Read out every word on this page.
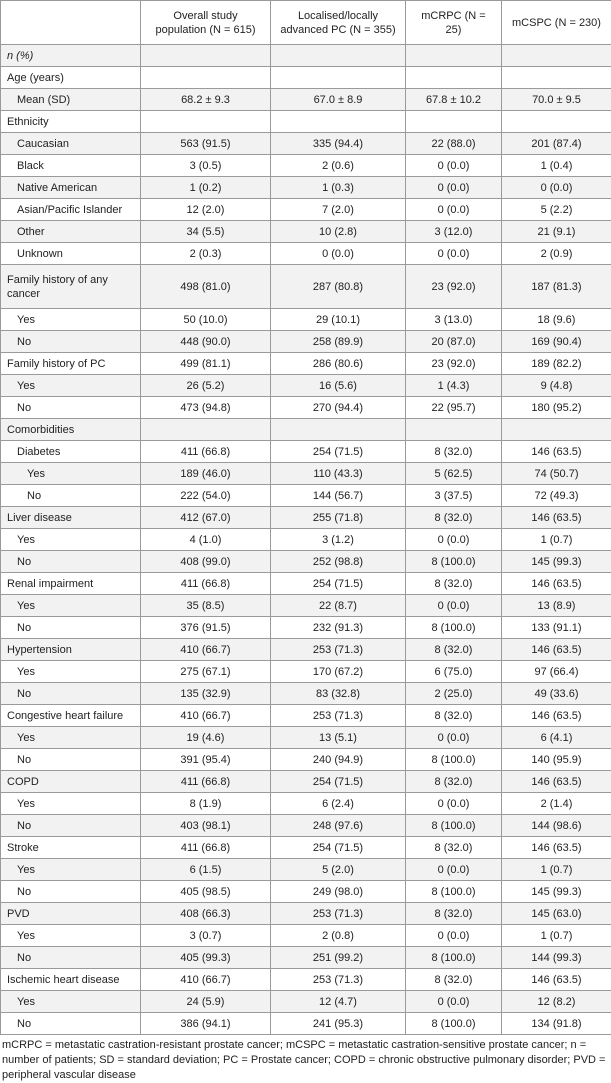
	Overall study population (N = 615)	Localised/locally advanced PC (N = 355)	mCRPC (N = 25)	mCSPC (N = 230)
n (%)				
Age (years)				
Mean (SD)	68.2 ± 9.3	67.0 ± 8.9	67.8 ± 10.2	70.0 ± 9.5
Ethnicity				
Caucasian	563 (91.5)	335 (94.4)	22 (88.0)	201 (87.4)
Black	3 (0.5)	2 (0.6)	0 (0.0)	1 (0.4)
Native American	1 (0.2)	1 (0.3)	0 (0.0)	0 (0.0)
Asian/Pacific Islander	12 (2.0)	7 (2.0)	0 (0.0)	5 (2.2)
Other	34 (5.5)	10 (2.8)	3 (12.0)	21 (9.1)
Unknown	2 (0.3)	0 (0.0)	0 (0.0)	2 (0.9)
Family history of any cancer	498 (81.0)	287 (80.8)	23 (92.0)	187 (81.3)
Yes	50 (10.0)	29 (10.1)	3 (13.0)	18 (9.6)
No	448 (90.0)	258 (89.9)	20 (87.0)	169 (90.4)
Family history of PC	499 (81.1)	286 (80.6)	23 (92.0)	189 (82.2)
Yes	26 (5.2)	16 (5.6)	1 (4.3)	9 (4.8)
No	473 (94.8)	270 (94.4)	22 (95.7)	180 (95.2)
Comorbidities				
Diabetes	411 (66.8)	254 (71.5)	8 (32.0)	146 (63.5)
Yes	189 (46.0)	110 (43.3)	5 (62.5)	74 (50.7)
No	222 (54.0)	144 (56.7)	3 (37.5)	72 (49.3)
Liver disease	412 (67.0)	255 (71.8)	8 (32.0)	146 (63.5)
Yes	4 (1.0)	3 (1.2)	0 (0.0)	1 (0.7)
No	408 (99.0)	252 (98.8)	8 (100.0)	145 (99.3)
Renal impairment	411 (66.8)	254 (71.5)	8 (32.0)	146 (63.5)
Yes	35 (8.5)	22 (8.7)	0 (0.0)	13 (8.9)
No	376 (91.5)	232 (91.3)	8 (100.0)	133 (91.1)
Hypertension	410 (66.7)	253 (71.3)	8 (32.0)	146 (63.5)
Yes	275 (67.1)	170 (67.2)	6 (75.0)	97 (66.4)
No	135 (32.9)	83 (32.8)	2 (25.0)	49 (33.6)
Congestive heart failure	410 (66.7)	253 (71.3)	8 (32.0)	146 (63.5)
Yes	19 (4.6)	13 (5.1)	0 (0.0)	6 (4.1)
No	391 (95.4)	240 (94.9)	8 (100.0)	140 (95.9)
COPD	411 (66.8)	254 (71.5)	8 (32.0)	146 (63.5)
Yes	8 (1.9)	6 (2.4)	0 (0.0)	2 (1.4)
No	403 (98.1)	248 (97.6)	8 (100.0)	144 (98.6)
Stroke	411 (66.8)	254 (71.5)	8 (32.0)	146 (63.5)
Yes	6 (1.5)	5 (2.0)	0 (0.0)	1 (0.7)
No	405 (98.5)	249 (98.0)	8 (100.0)	145 (99.3)
PVD	408 (66.3)	253 (71.3)	8 (32.0)	145 (63.0)
Yes	3 (0.7)	2 (0.8)	0 (0.0)	1 (0.7)
No	405 (99.3)	251 (99.2)	8 (100.0)	144 (99.3)
Ischemic heart disease	410 (66.7)	253 (71.3)	8 (32.0)	146 (63.5)
Yes	24 (5.9)	12 (4.7)	0 (0.0)	12 (8.2)
No	386 (94.1)	241 (95.3)	8 (100.0)	134 (91.8)
mCRPC = metastatic castration-resistant prostate cancer; mCSPC = metastatic castration-sensitive prostate cancer; n = number of patients; SD = standard deviation; PC = Prostate cancer; COPD = chronic obstructive pulmonary disorder; PVD = peripheral vascular disease
